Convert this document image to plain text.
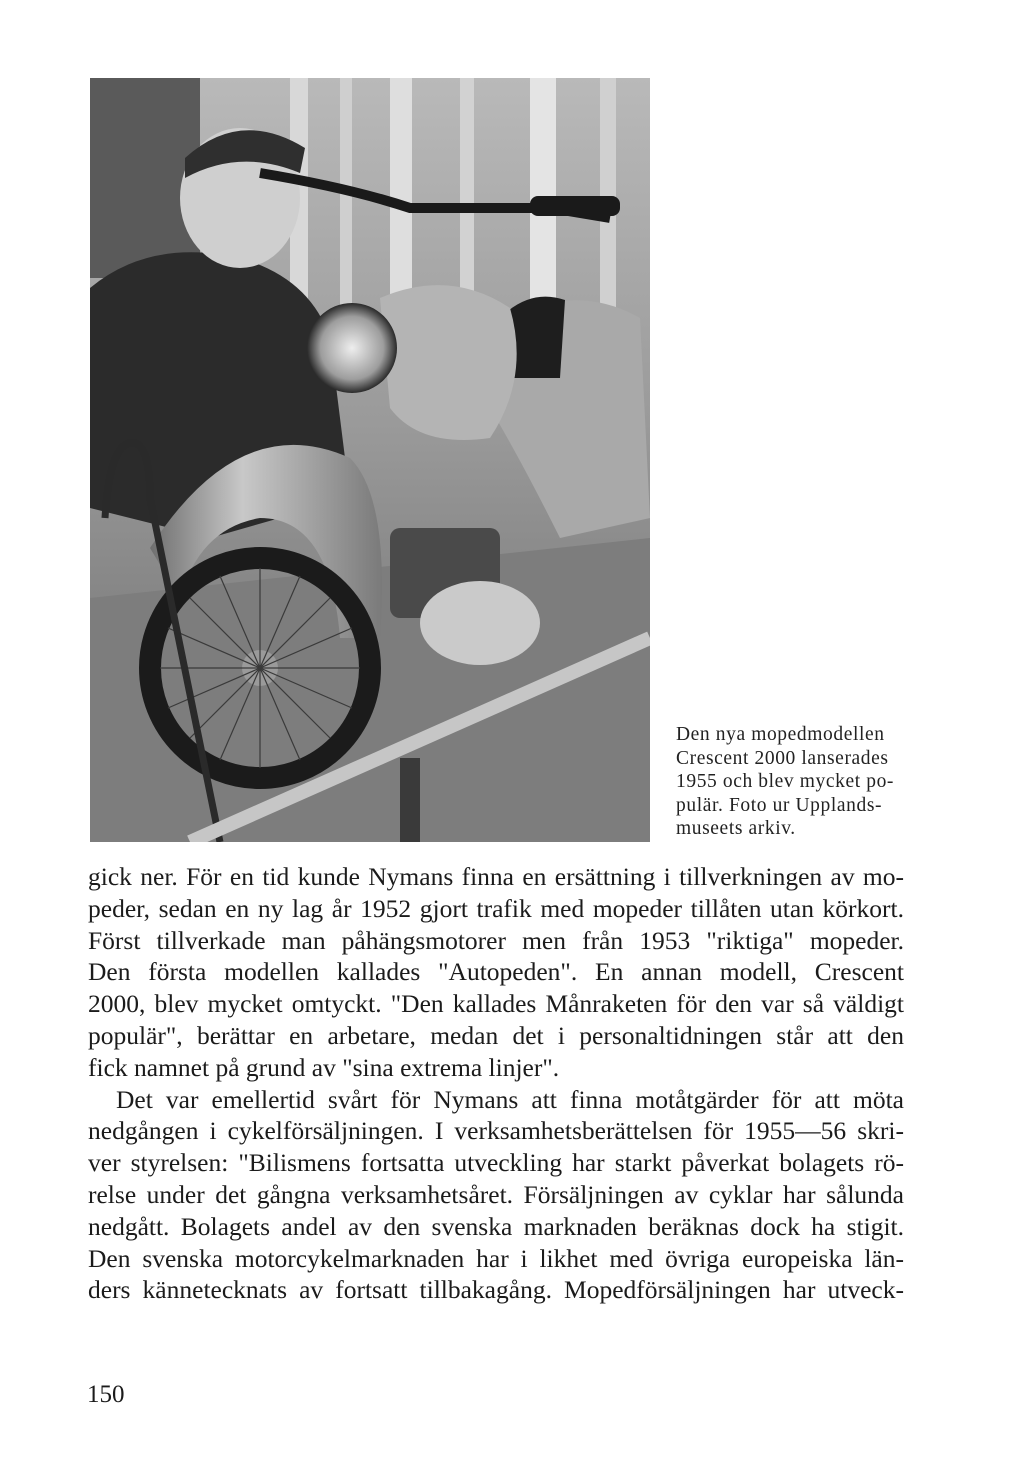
Den nya mopedmodellen
Crescent 2000 lanserades
1955 och blev mycket po-
pulär. Foto ur Upplands-
museets arkiv.
gick ner. För en tid kunde Nymans finna en ersättning i tillverkningen av mo-
peder, sedan en ny lag år 1952 gjort trafik med mopeder tillåten utan körkort.
Först tillverkade man påhängsmotorer men från 1953 "riktiga" mopeder.
Den första modellen kallades "Autopeden". En annan modell, Crescent
2000, blev mycket omtyckt. "Den kallades Månraketen för den var så väldigt
populär", berättar en arbetare, medan det i personaltidningen står att den
fick namnet på grund av "sina extrema linjer".
Det var emellertid svårt för Nymans att finna motåtgärder för att möta
nedgången i cykelförsäljningen. I verksamhetsberättelsen för 1955—56 skri-
ver styrelsen: "Bilismens fortsatta utveckling har starkt påverkat bolagets rö-
relse under det gångna verksamhetsåret. Försäljningen av cyklar har sålunda
nedgått. Bolagets andel av den svenska marknaden beräknas dock ha stigit.
Den svenska motorcykelmarknaden har i likhet med övriga europeiska län-
ders kännetecknats av fortsatt tillbakagång. Mopedförsäljningen har utveck-
150
